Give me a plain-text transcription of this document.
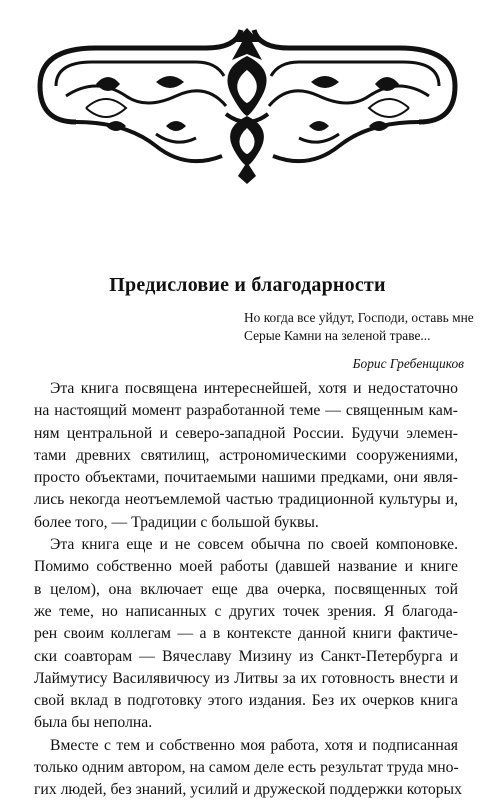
Предисловие и благодарности
Но когда все уйдут, Господи, оставь мне
Серые Камни на зеленой траве...
Борис Гребенщиков
Эта книга посвящена интереснейшей, хотя и недостаточно
на настоящий момент разработанной теме — священным кам-
ням центральной и северо-западной России. Будучи элемен-
тами древних святилищ, астрономическими сооружениями,
просто объектами, почитаемыми нашими предками, они явля-
лись некогда неотъемлемой частью традиционной культуры и,
более того, — Традиции с большой буквы.
Эта книга еще и не совсем обычна по своей компоновке.
Помимо собственно моей работы (давшей название и книге
в целом), она включает еще два очерка, посвященных той
же теме, но написанных с других точек зрения. Я благода-
рен своим коллегам — а в контексте данной книги фактиче-
ски соавторам — Вячеславу Мизину из Санкт-Петербурга и
Лаймутису Василявичюсу из Литвы за их готовность внести и
свой вклад в подготовку этого издания. Без их очерков книга
была бы неполна.
Вместе с тем и собственно моя работа, хотя и подписанная
только одним автором, на самом деле есть результат труда мно-
гих людей, без знаний, усилий и дружеской поддержки которых
